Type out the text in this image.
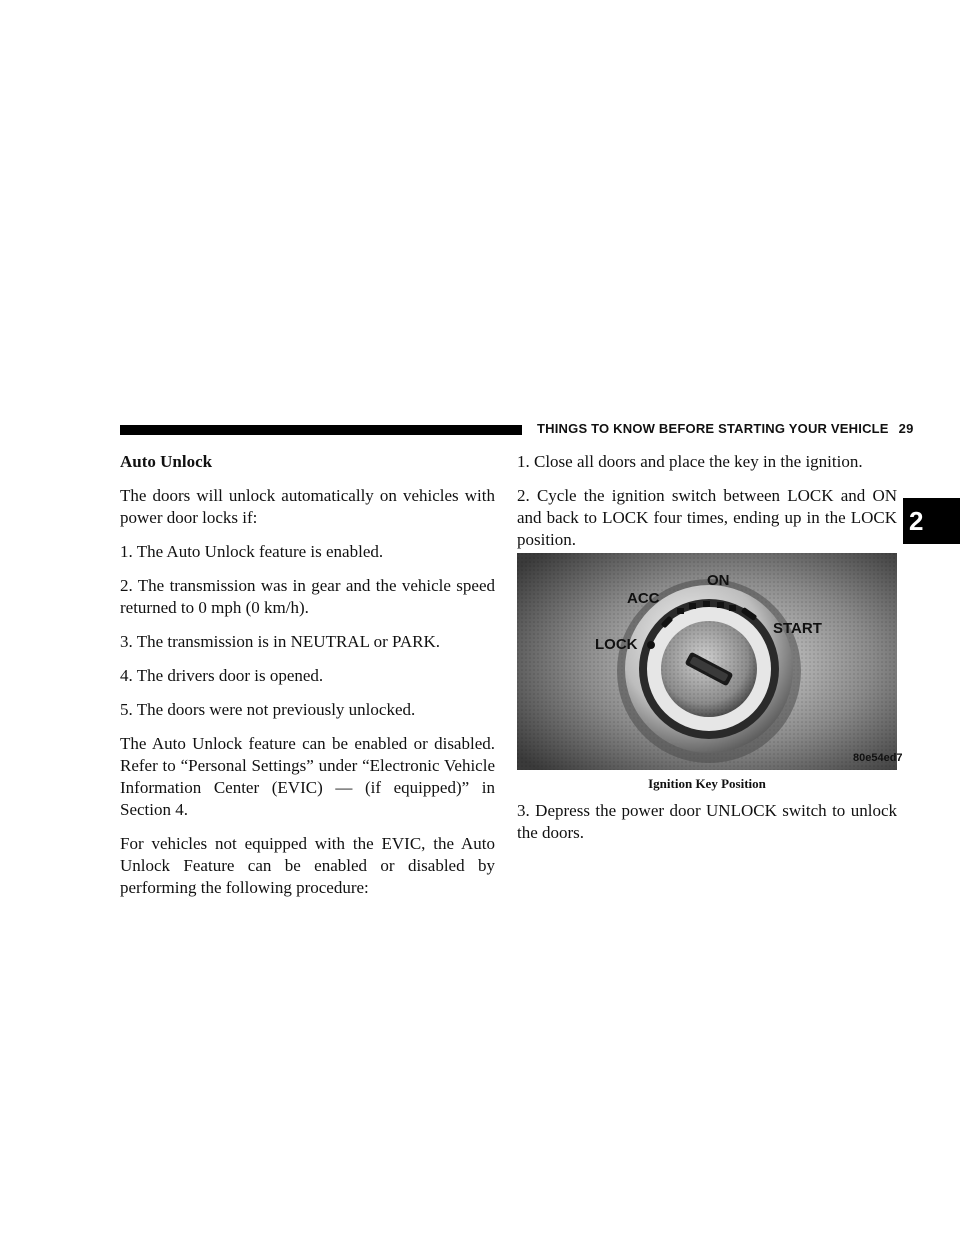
THINGS TO KNOW BEFORE STARTING YOUR VEHICLE 29
2

Auto Unlock

The doors will unlock automatically on vehicles with power door locks if:

1. The Auto Unlock feature is enabled.

2. The transmission was in gear and the vehicle speed returned to 0 mph (0 km/h).

3. The transmission is in NEUTRAL or PARK.

4. The drivers door is opened.

5. The doors were not previously unlocked.

The Auto Unlock feature can be enabled or disabled. Refer to “Personal Settings” under “Electronic Vehicle Information Center (EVIC) — (if equipped)” in Section 4.

For vehicles not equipped with the EVIC, the Auto Unlock Feature can be enabled or disabled by performing the following procedure:

1. Close all doors and place the key in the ignition.

2. Cycle the ignition switch between LOCK and ON and back to LOCK four times, ending up in the LOCK position.

ACC
ON
START
LOCK
80e54ed7
Ignition Key Position

3. Depress the power door UNLOCK switch to unlock the doors.
